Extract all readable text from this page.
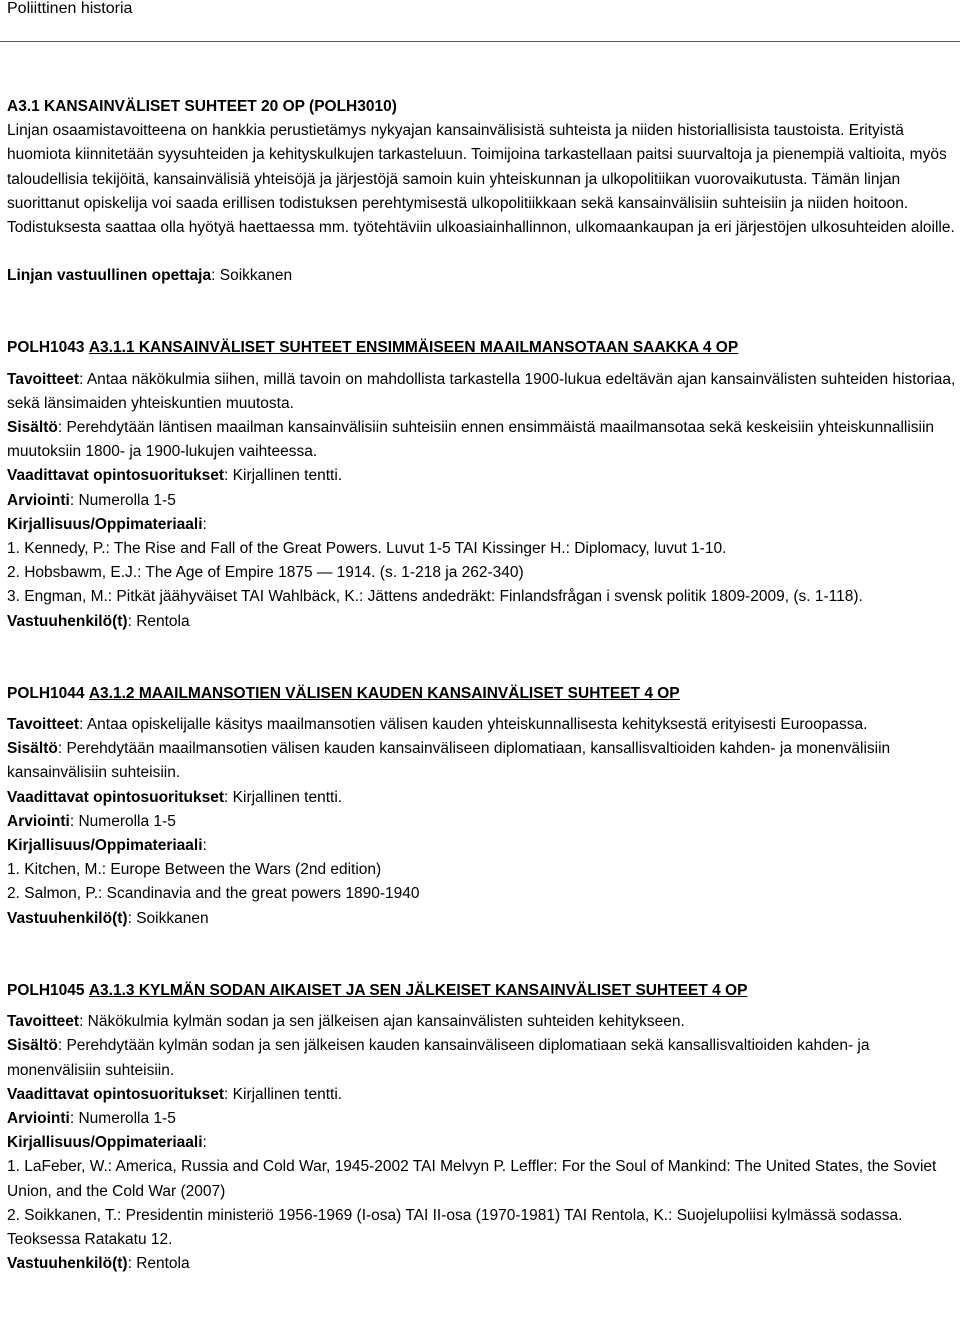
Poliittinen historia

A3.1 KANSAINVÄLISET SUHTEET 20 OP (POLH3010)

Linjan osaamistavoitteena on hankkia perustietämys nykyajan kansainvälisistä suhteista ja niiden historiallisista taustoista. Erityistä huomiota kiinnitetään syysuhteiden ja kehityskulkujen tarkasteluun. Toimijoina tarkastellaan paitsi suurvaltoja ja pienempiä valtioita, myös taloudellisia tekijöitä, kansainvälisiä yhteisöjä ja järjestöjä samoin kuin yhteiskunnan ja ulkopolitiikan vuorovaikutusta. Tämän linjan suorittanut opiskelija voi saada erillisen todistuksen perehtymisestä ulkopolitiikkaan sekä kansainvälisiin suhteisiin ja niiden hoitoon. Todistuksesta saattaa olla hyötyä haettaessa mm. työtehtäviin ulkoasiainhallinnon, ulkomaankaupan ja eri järjestöjen ulkosuhteiden aloille.

Linjan vastuullinen opettaja: Soikkanen

POLH1043 A3.1.1 KANSAINVÄLISET SUHTEET ENSIMMÄISEEN MAAILMANSOTAAN SAAKKA 4 OP

Tavoitteet: Antaa näkökulmia siihen, millä tavoin on mahdollista tarkastella 1900-lukua edeltävän ajan kansainvälisten suhteiden historiaa, sekä länsimaiden yhteiskuntien muutosta.

Sisältö: Perehdytään läntisen maailman kansainvälisiin suhteisiin ennen ensimmäistä maailmansotaa sekä keskeisiin yhteiskunnallisiin muutoksiin 1800- ja 1900-lukujen vaihteessa.

Vaadittavat opintosuoritukset: Kirjallinen tentti.

Arviointi: Numerolla 1-5

Kirjallisuus/Oppimateriaali:

1. Kennedy, P.: The Rise and Fall of the Great Powers. Luvut 1-5 TAI Kissinger H.: Diplomacy, luvut 1-10.

2. Hobsbawm, E.J.: The Age of Empire 1875 — 1914. (s. 1-218 ja 262-340)

3. Engman, M.: Pitkät jäähyväiset TAI Wahlbäck, K.: Jättens andedräkt: Finlandsfrågan i svensk politik 1809-2009, (s. 1-118).

Vastuuhenkilö(t): Rentola

POLH1044 A3.1.2 MAAILMANSOTIEN VÄLISEN KAUDEN KANSAINVÄLISET SUHTEET 4 OP

Tavoitteet: Antaa opiskelijalle käsitys maailmansotien välisen kauden yhteiskunnallisesta kehityksestä erityisesti Euroopassa.

Sisältö: Perehdytään maailmansotien välisen kauden kansainväliseen diplomatiaan, kansallisvaltioiden kahden- ja monenvälisiin kansainvälisiin suhteisiin.

Vaadittavat opintosuoritukset: Kirjallinen tentti.

Arviointi: Numerolla 1-5

Kirjallisuus/Oppimateriaali:

1. Kitchen, M.: Europe Between the Wars (2nd edition)

2. Salmon, P.: Scandinavia and the great powers 1890-1940

Vastuuhenkilö(t): Soikkanen

POLH1045 A3.1.3 KYLMÄN SODAN AIKAISET JA SEN JÄLKEISET KANSAINVÄLISET SUHTEET 4 OP

Tavoitteet: Näkökulmia kylmän sodan ja sen jälkeisen ajan kansainvälisten suhteiden kehitykseen.

Sisältö: Perehdytään kylmän sodan ja sen jälkeisen kauden kansainväliseen diplomatiaan sekä kansallisvaltioiden kahden- ja monenvälisiin suhteisiin.

Vaadittavat opintosuoritukset: Kirjallinen tentti.

Arviointi: Numerolla 1-5

Kirjallisuus/Oppimateriaali:

1. LaFeber, W.: America, Russia and Cold War, 1945-2002 TAI Melvyn P. Leffler: For the Soul of Mankind: The United States, the Soviet Union, and the Cold War (2007)

2. Soikkanen, T.: Presidentin ministeriö 1956-1969 (I-osa) TAI II-osa (1970-1981) TAI Rentola, K.: Suojelupoliisi kylmässä sodassa. Teoksessa Ratakatu 12.

Vastuuhenkilö(t): Rentola
